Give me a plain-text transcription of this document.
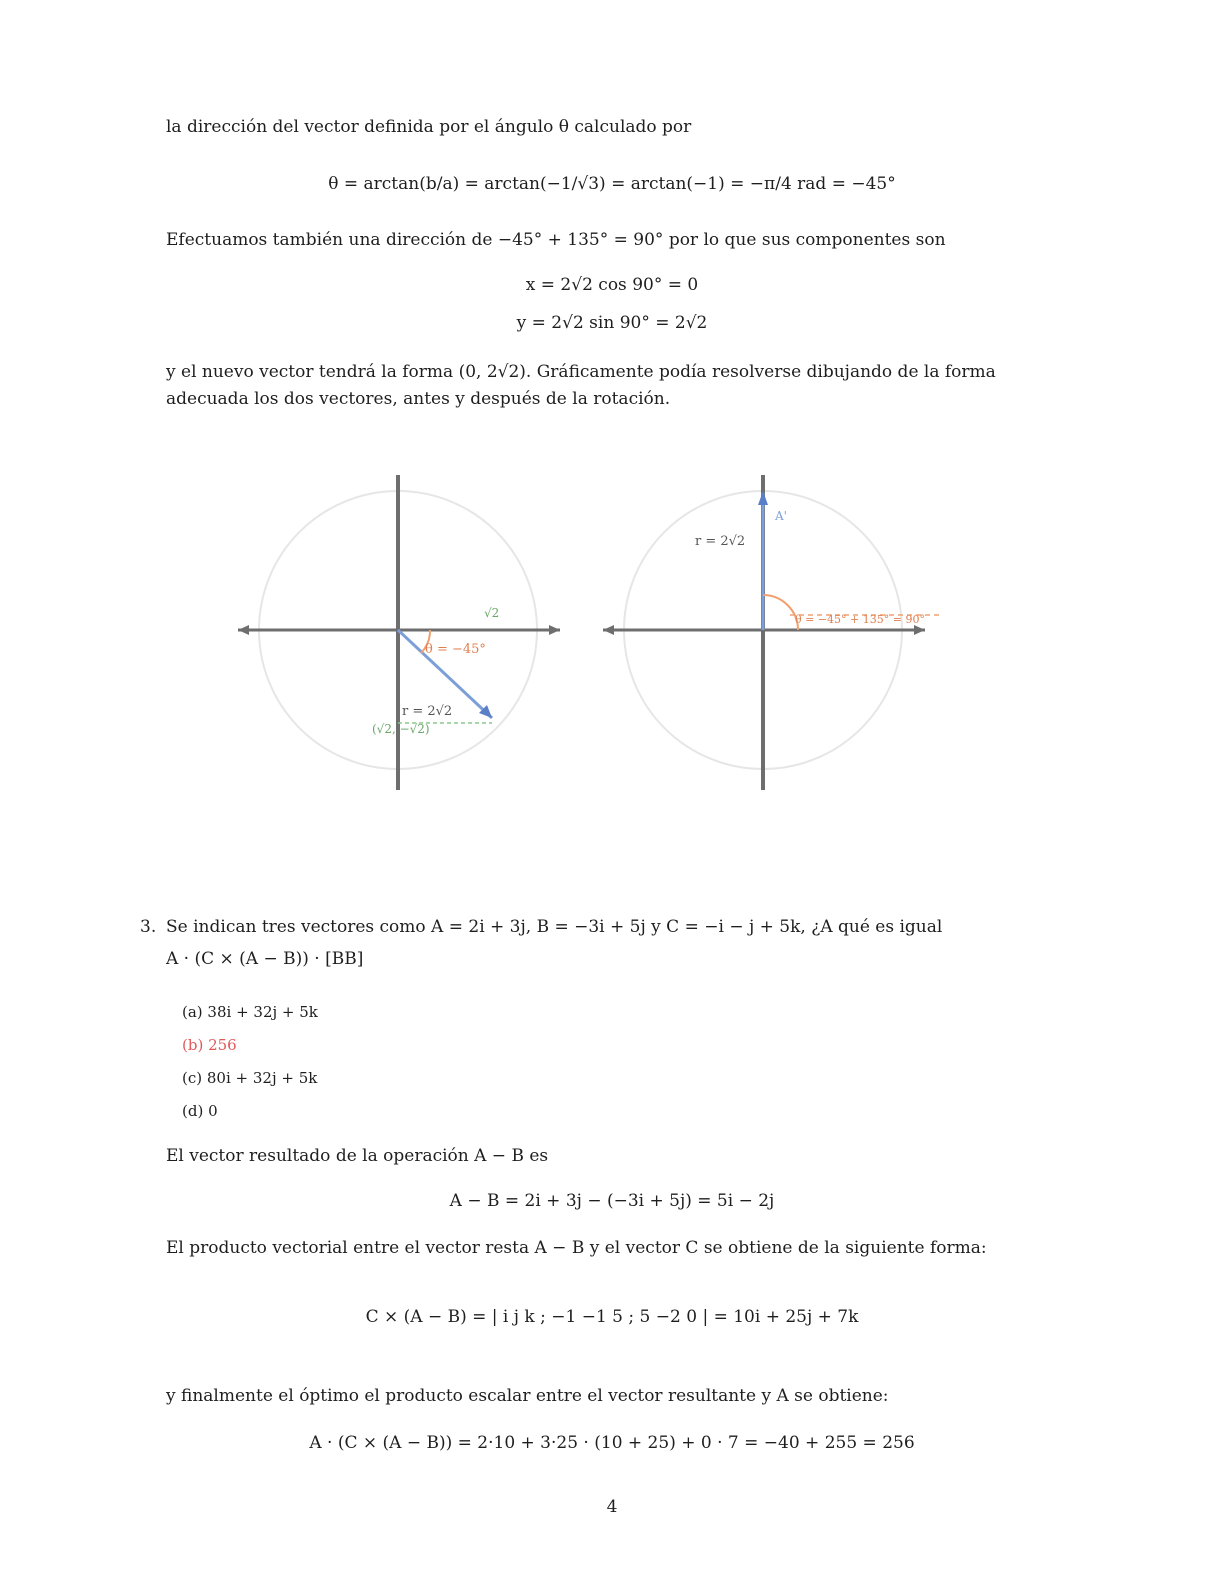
la dirección del vector definida por el ángulo θ calculado por
θ = arctan(b/a) = arctan(−1/√3) = arctan(−1) = −π/4 rad = −45°
Efectuamos también una dirección de −45° + 135° = 90° por lo que sus componentes son
x = 2√2 cos 90° = 0
y = 2√2 sin 90° = 2√2
y el nuevo vector tendrá la forma (0, 2√2). Gráficamente podía resolverse dibujando de la forma
adecuada los dos vectores, antes y después de la rotación.
θ = −45°
r = 2√2
(√2, −√2)
√2
A'
r = 2√2
θ = −45° + 135° = 90°
3. Se indican tres vectores como A = 2i + 3j, B = −3i + 5j y C = −i − j + 5k, ¿A qué es igual
A · (C × (A − B)) · [BB]
(a) 38i + 32j + 5k
(b) 256
(c) 80i + 32j + 5k
(d) 0
El vector resultado de la operación A − B es
A − B = 2i + 3j − (−3i + 5j) = 5i − 2j
El producto vectorial entre el vector resta A − B y el vector C se obtiene de la siguiente forma:
C × (A − B) = | i j k ; −1 −1 5 ; 5 −2 0 | = 10i + 25j + 7k
y finalmente el óptimo el producto escalar entre el vector resultante y A se obtiene:
A · (C × (A − B)) = 2·10 + 3·25 · (10 + 25) + 0 · 7 = −40 + 255 = 256
4
